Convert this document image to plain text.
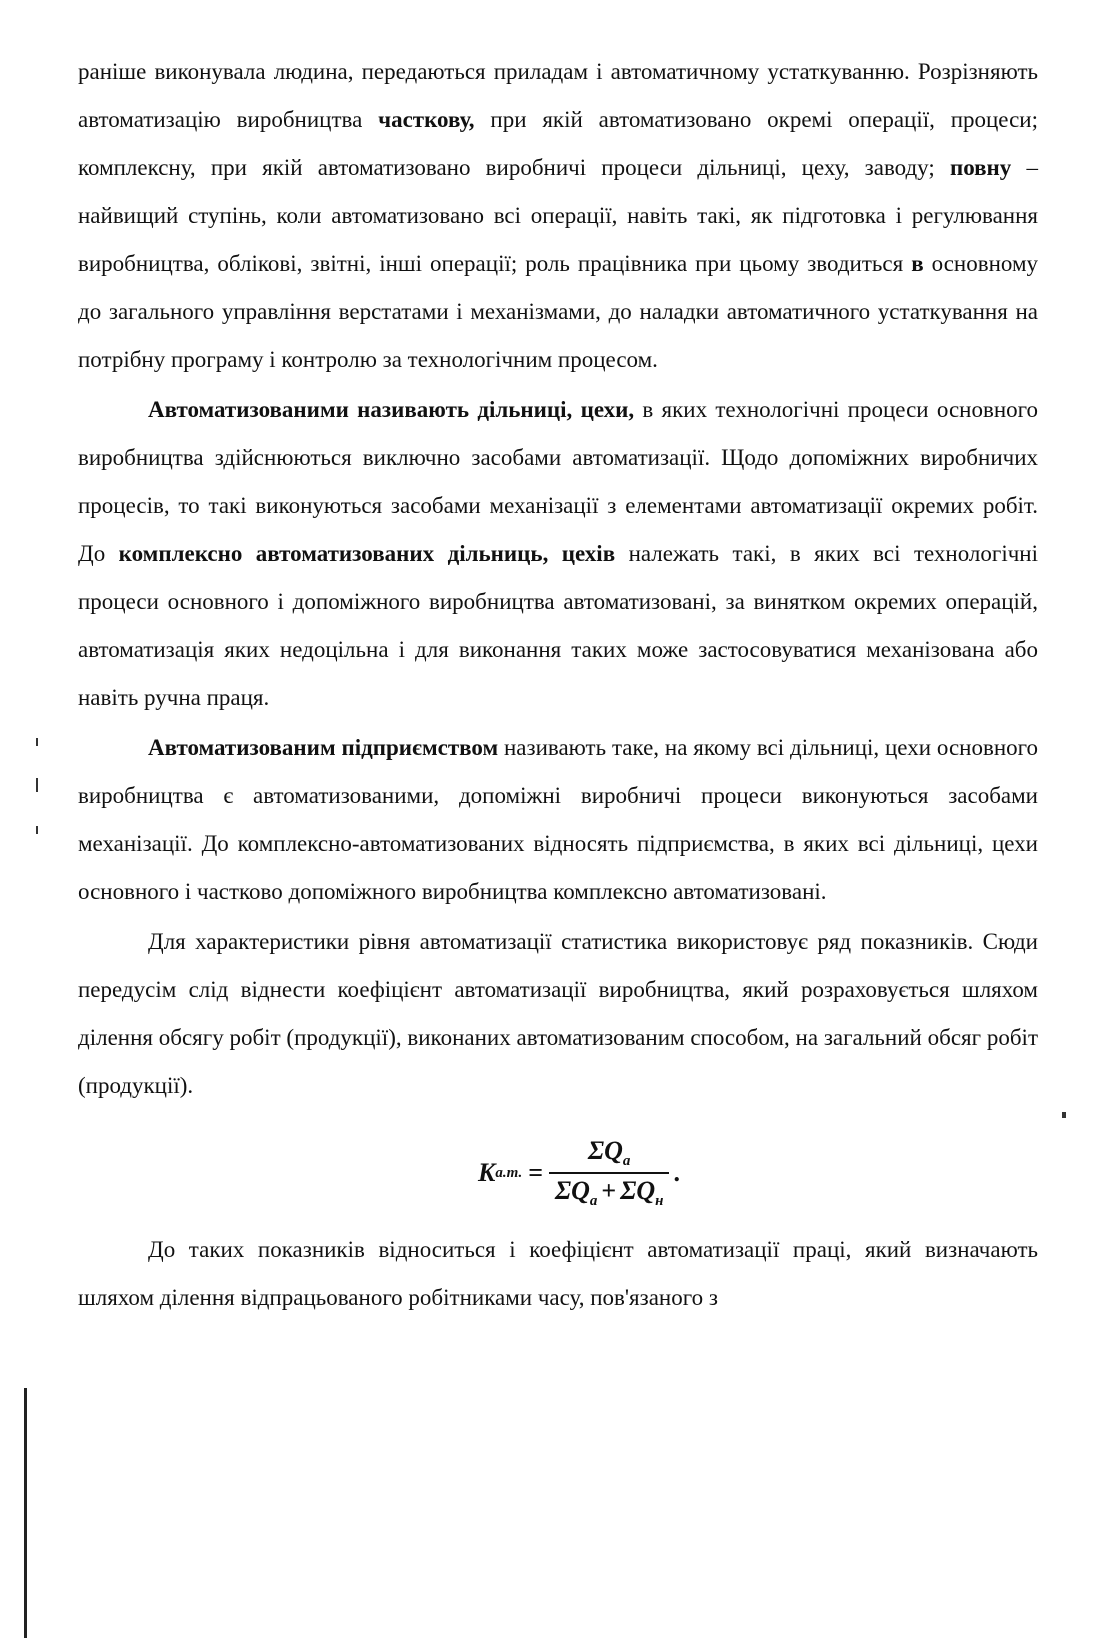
раніше виконувала людина, передаються приладам і автоматичному устаткуванню. Розрізняють автоматизацію виробництва часткову, при якій автоматизовано окремі операції, процеси; комплексну, при якій автоматизовано виробничі процеси дільниці, цеху, заводу; повну – найвищий ступінь, коли автоматизовано всі операції, навіть такі, як підготовка і регулювання виробництва, облікові, звітні, інші операції; роль працівника при цьому зводиться в основному до загального управління верстатами і механізмами, до наладки автоматичного устаткування на потрібну програму і контролю за технологічним процесом.

Автоматизованими називають дільниці, цехи, в яких технологічні процеси основного виробництва здійснюються виключно засобами автоматизації. Щодо допоміжних виробничих процесів, то такі виконуються засобами механізації з елементами автоматизації окремих робіт. До комплексно автоматизованих дільниць, цехів належать такі, в яких всі технологічні процеси основного і допоміжного виробництва автоматизовані, за винятком окремих операцій, автоматизація яких недоцільна і для виконання таких може застосовуватися механізована або навіть ручна праця.

Автоматизованим підприємством називають таке, на якому всі дільниці, цехи основного виробництва є автоматизованими, допоміжні виробничі процеси виконуються засобами механізації. До комплексно-автоматизованих відносять підприємства, в яких всі дільниці, цехи основного і частково допоміжного виробництва комплексно автоматизовані.

Для характеристики рівня автоматизації статистика використовує ряд показників. Сюди передусім слід віднести коефіцієнт автоматизації виробництва, який розраховується шляхом ділення обсягу робіт (продукції), виконаних автоматизованим способом, на загальний обсяг робіт (продукції).

K а.т. = $\frac{\Sigma Q_а}{\Sigma Q_а + \Sigma Q_н}$ .

До таких показників відноситься і коефіцієнт автоматизації праці, який визначають шляхом ділення відпрацьованого робітниками часу, пов'язаного з
